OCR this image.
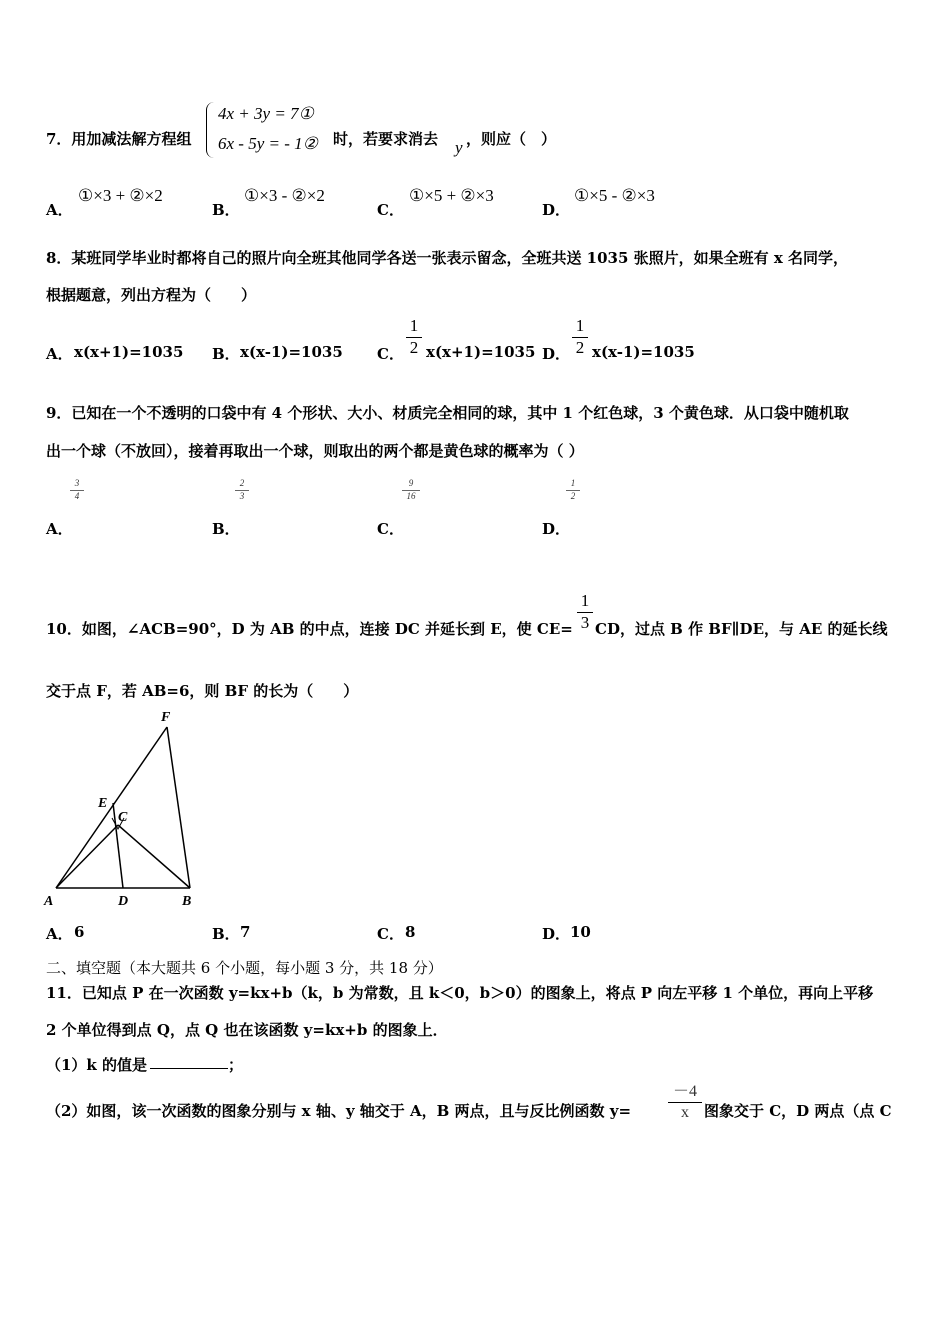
7．用加减法解方程组
4x + 3y = 7①
6x - 5y = - 1② 时，若要求消去 y ，则应（　）
A．
①×3 + ②×2
B．
①×3 - ②×2
C．
①×5 + ②×3
D．
①×5 - ②×3
8．某班同学毕业时都将自己的照片向全班其他同学各送一张表示留念，全班共送 1035 张照片，如果全班有 x 名同学，
根据题意，列出方程为（　　）
A． x(x+1)=1035 B． x(x-1)=1035 C．
1
2 x(x+1)=1035 D．
1
2 x(x-1)=1035
9．已知在一个不透明的口袋中有 4 个形状、大小、材质完全相同的球，其中 1 个红色球，3 个黄色球．从口袋中随机取
出一个球（不放回），接着再取出一个球，则取出的两个都是黄色球的概率为（ ）
3
4
A．
2
3
B．
9
16
C．
1
2
D．
10．如图，∠ACB=90°，D 为 AB 的中点，连接 DC 并延长到 E，使 CE=
1
3 CD，过点 B 作 BF∥DE，与 AE 的延长线
交于点 F，若 AB=6，则 BF 的长为（　　）
F
E
C
A	D	B
A． 6	B． 7	C． 8	D． 10
二、填空题（本大题共 6 个小题，每小题 3 分，共 18 分）
11．已知点 P 在一次函数 y=kx+b（k，b 为常数，且 k＜0，b＞0）的图象上，将点 P 向左平移 1 个单位，再向上平移
2 个单位得到点 Q，点 Q 也在该函数 y=kx+b 的图象上．
（1）k 的值是	；
（2）如图，该一次函数的图象分别与 x 轴、y 轴交于 A，B 两点，且与反比例函数 y=
－4
x	图象交于 C，D 两点（点 C
